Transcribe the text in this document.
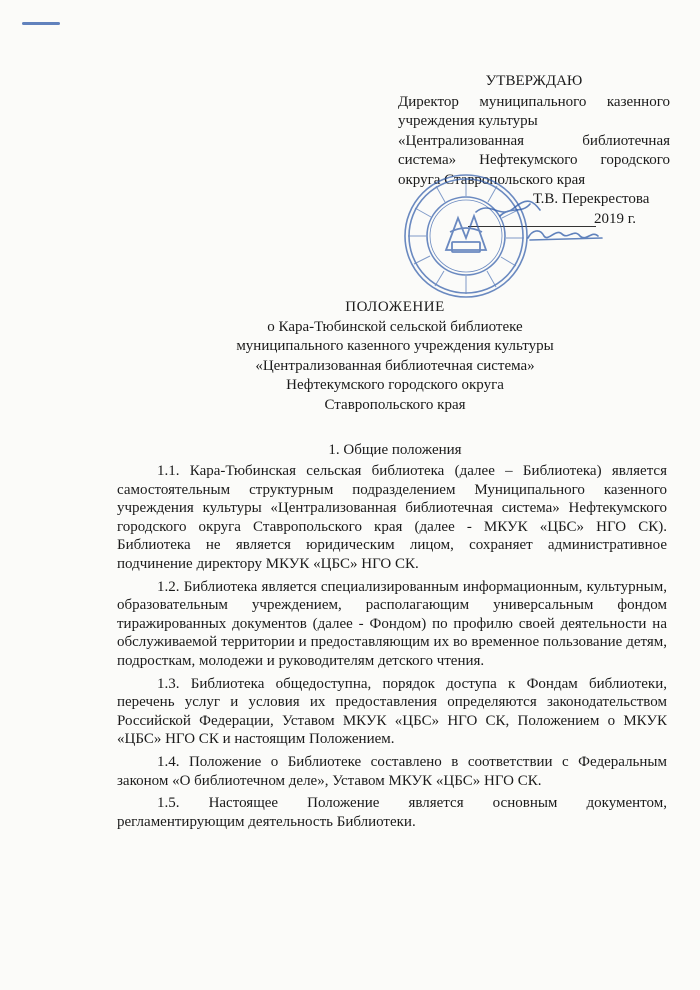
УТВЕРЖДАЮ
Директор муниципального казенного
учреждения культуры
«Централизованная библиотечная
система» Нефтекумского городского
округа Ставропольского края
Т.В. Перекрестова
2019 г.
ПОЛОЖЕНИЕ
о Кара-Тюбинской сельской библиотеке
муниципального казенного учреждения культуры
«Централизованная библиотечная система»
Нефтекумского городского округа
Ставропольского края
1. Общие положения

1.1. Кара-Тюбинская сельская библиотека (далее – Библиотека) является самостоятельным структурным подразделением Муниципального казенного учреждения культуры «Централизованная библиотечная система» Нефтекумского городского округа Ставропольского края (далее - МКУК «ЦБС» НГО СК). Библиотека не является юридическим лицом, сохраняет административное подчинение директору МКУК «ЦБС» НГО СК.

1.2. Библиотека является специализированным информационным, культурным, образовательным учреждением, располагающим универсальным фондом тиражированных документов (далее - Фондом) по профилю своей деятельности на обслуживаемой территории и предоставляющим их во временное пользование детям, подросткам, молодежи и руководителям детского чтения.

1.3. Библиотека общедоступна, порядок доступа к Фондам библиотеки, перечень услуг и условия их предоставления определяются законодательством Российской Федерации, Уставом МКУК «ЦБС» НГО СК, Положением о МКУК «ЦБС» НГО СК и настоящим Положением.

1.4. Положение о Библиотеке составлено в соответствии с Федеральным законом «О библиотечном деле», Уставом МКУК «ЦБС» НГО СК.

1.5. Настоящее Положение является основным документом, регламентирующим деятельность Библиотеки.
